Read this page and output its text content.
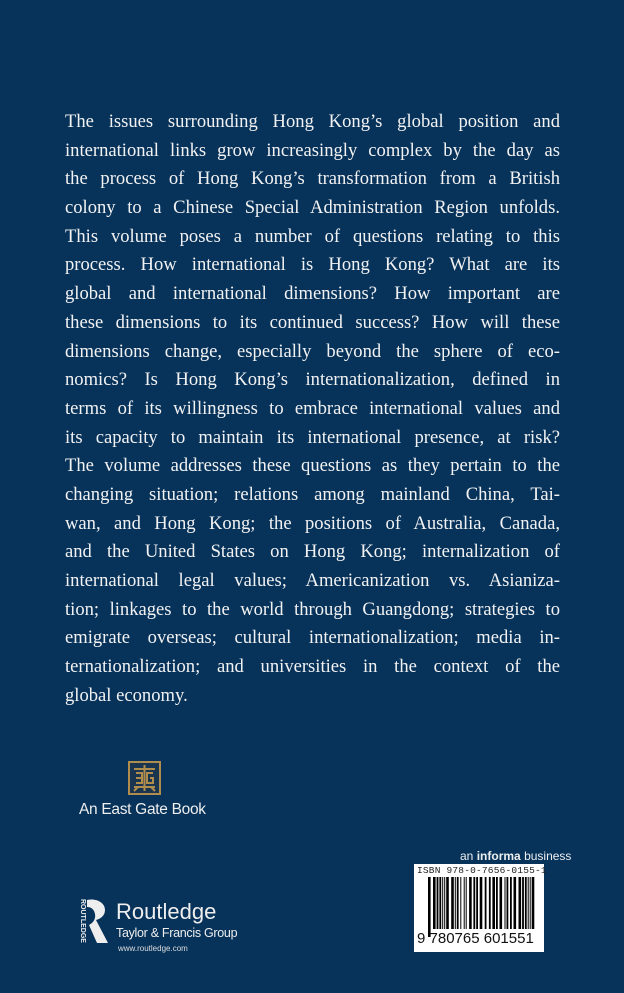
The issues surrounding Hong Kong’s global position and
international links grow increasingly complex by the day as
the process of Hong Kong’s transformation from a British
colony to a Chinese Special Administration Region unfolds.
This volume poses a number of questions relating to this
process. How international is Hong Kong? What are its
global and international dimensions? How important are
these dimensions to its continued success? How will these
dimensions change, especially beyond the sphere of eco-
nomics? Is Hong Kong’s internationalization, defined in
terms of its willingness to embrace international values and
its capacity to maintain its international presence, at risk?
The volume addresses these questions as they pertain to the
changing situation; relations among mainland China, Tai-
wan, and Hong Kong; the positions of Australia, Canada,
and the United States on Hong Kong; internalization of
international legal values; Americanization vs. Asianiza-
tion; linkages to the world through Guangdong; strategies to
emigrate overseas; cultural internationalization; media in-
ternationalization; and universities in the context of the
global economy.
An East Gate Book
an informa business
ISBN 978-0-7656-0155-1
9 780765 601551
ROUTLEDGE Routledge
Taylor & Francis Group
www.routledge.com
